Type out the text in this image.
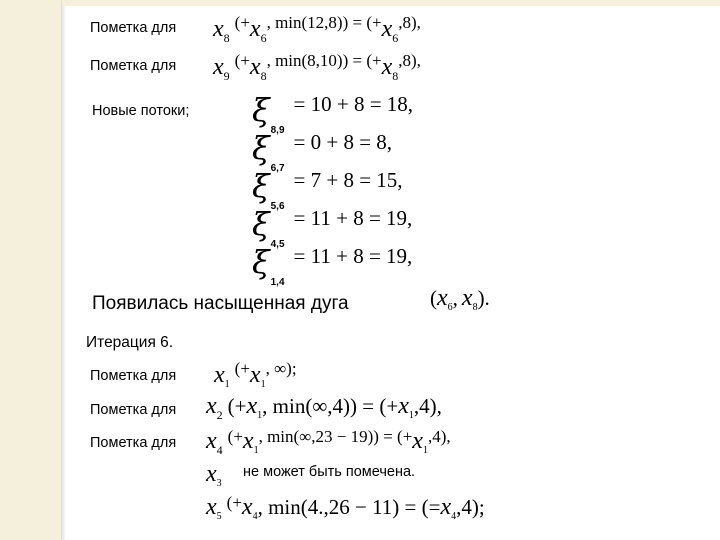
Пометка для $x_8$ $^{(+}x_6^{, min(12,8)) = (+}x_6^{,8),}$
Пометка для $x_9$ $^{(+}x_8^{, min(8,10)) = (+}x_8^{,8),}$
Новые потоки; $\xi_{8,9} = 10 + 8 = 18$,
$\xi_{6,7} = 0 + 8 = 8$,
$\xi_{5,6} = 7 + 8 = 15$,
$\xi_{4,5} = 11 + 8 = 19$,
$\xi_{1,4} = 11 + 8 = 19$,
Появилась насыщенная дуга	($x_6$, $x_8$).
Итерация 6.
Пометка для $x_1$ $^{(+}x_1^{, \infty);}$
Пометка для $x_2$ ($+x_1$, $\min(\infty,4)) = (+x_1,4)$,
Пометка для $x_4$ $^{(+}x_1^{, min(\infty,23 - 19)) = (+}x_1^{,4),}$
$x_3$
не может быть помечена.
$x_5$ $^{(+}x_4$, $\min(4.,26 - 11) = (=x_4,4)$;
